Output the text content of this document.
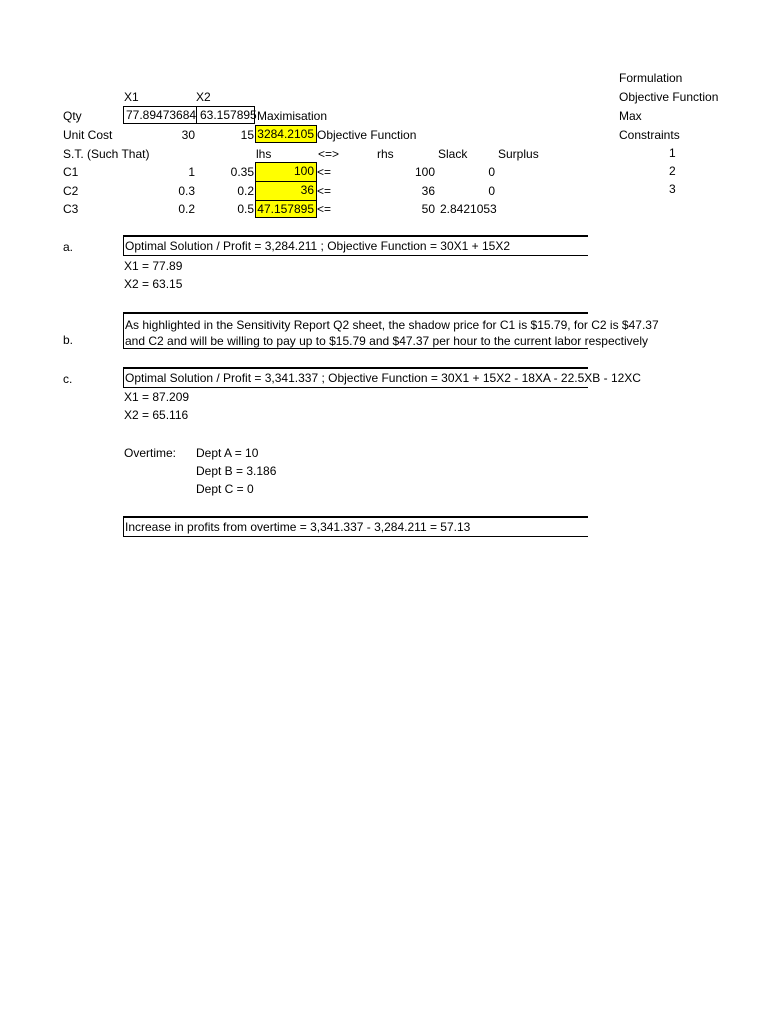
X1	X2
Qty	77.89473684 63.157895 Maximisation
Unit Cost	30	15 3284.2105 Objective Function
S.T. (Such That)	lhs	<=>	rhs	Slack	Surplus
C1	1	0.35	100 <=	100	0
C2	0.3	0.2	36 <=	36	0
C3	0.2	0.5 47.157895 <=	50 2.8421053
a.	Optimal Solution / Profit = 3,284.211 ; Objective Function = 30X1 + 15X2
X1 = 77.89
X2 = 63.15
b.
As highlighted in the Sensitivity Report Q2 sheet, the shadow price for C1 is $15.79, for C2 is $47.37
and C2 and will be willing to pay up to $15.79 and $47.37 per hour to the current labor respectively
c.	Optimal Solution / Profit = 3,341.337 ; Objective Function = 30X1 + 15X2 - 18XA - 22.5XB - 12XC
X1 = 87.209
X2 = 65.116
Overtime: Dept A = 10
Dept B = 3.186
Dept C = 0
Increase in profits from overtime = 3,341.337 - 3,284.211 = 57.13
Formulation
Objective Function
Max
Constraints
1
2
3
